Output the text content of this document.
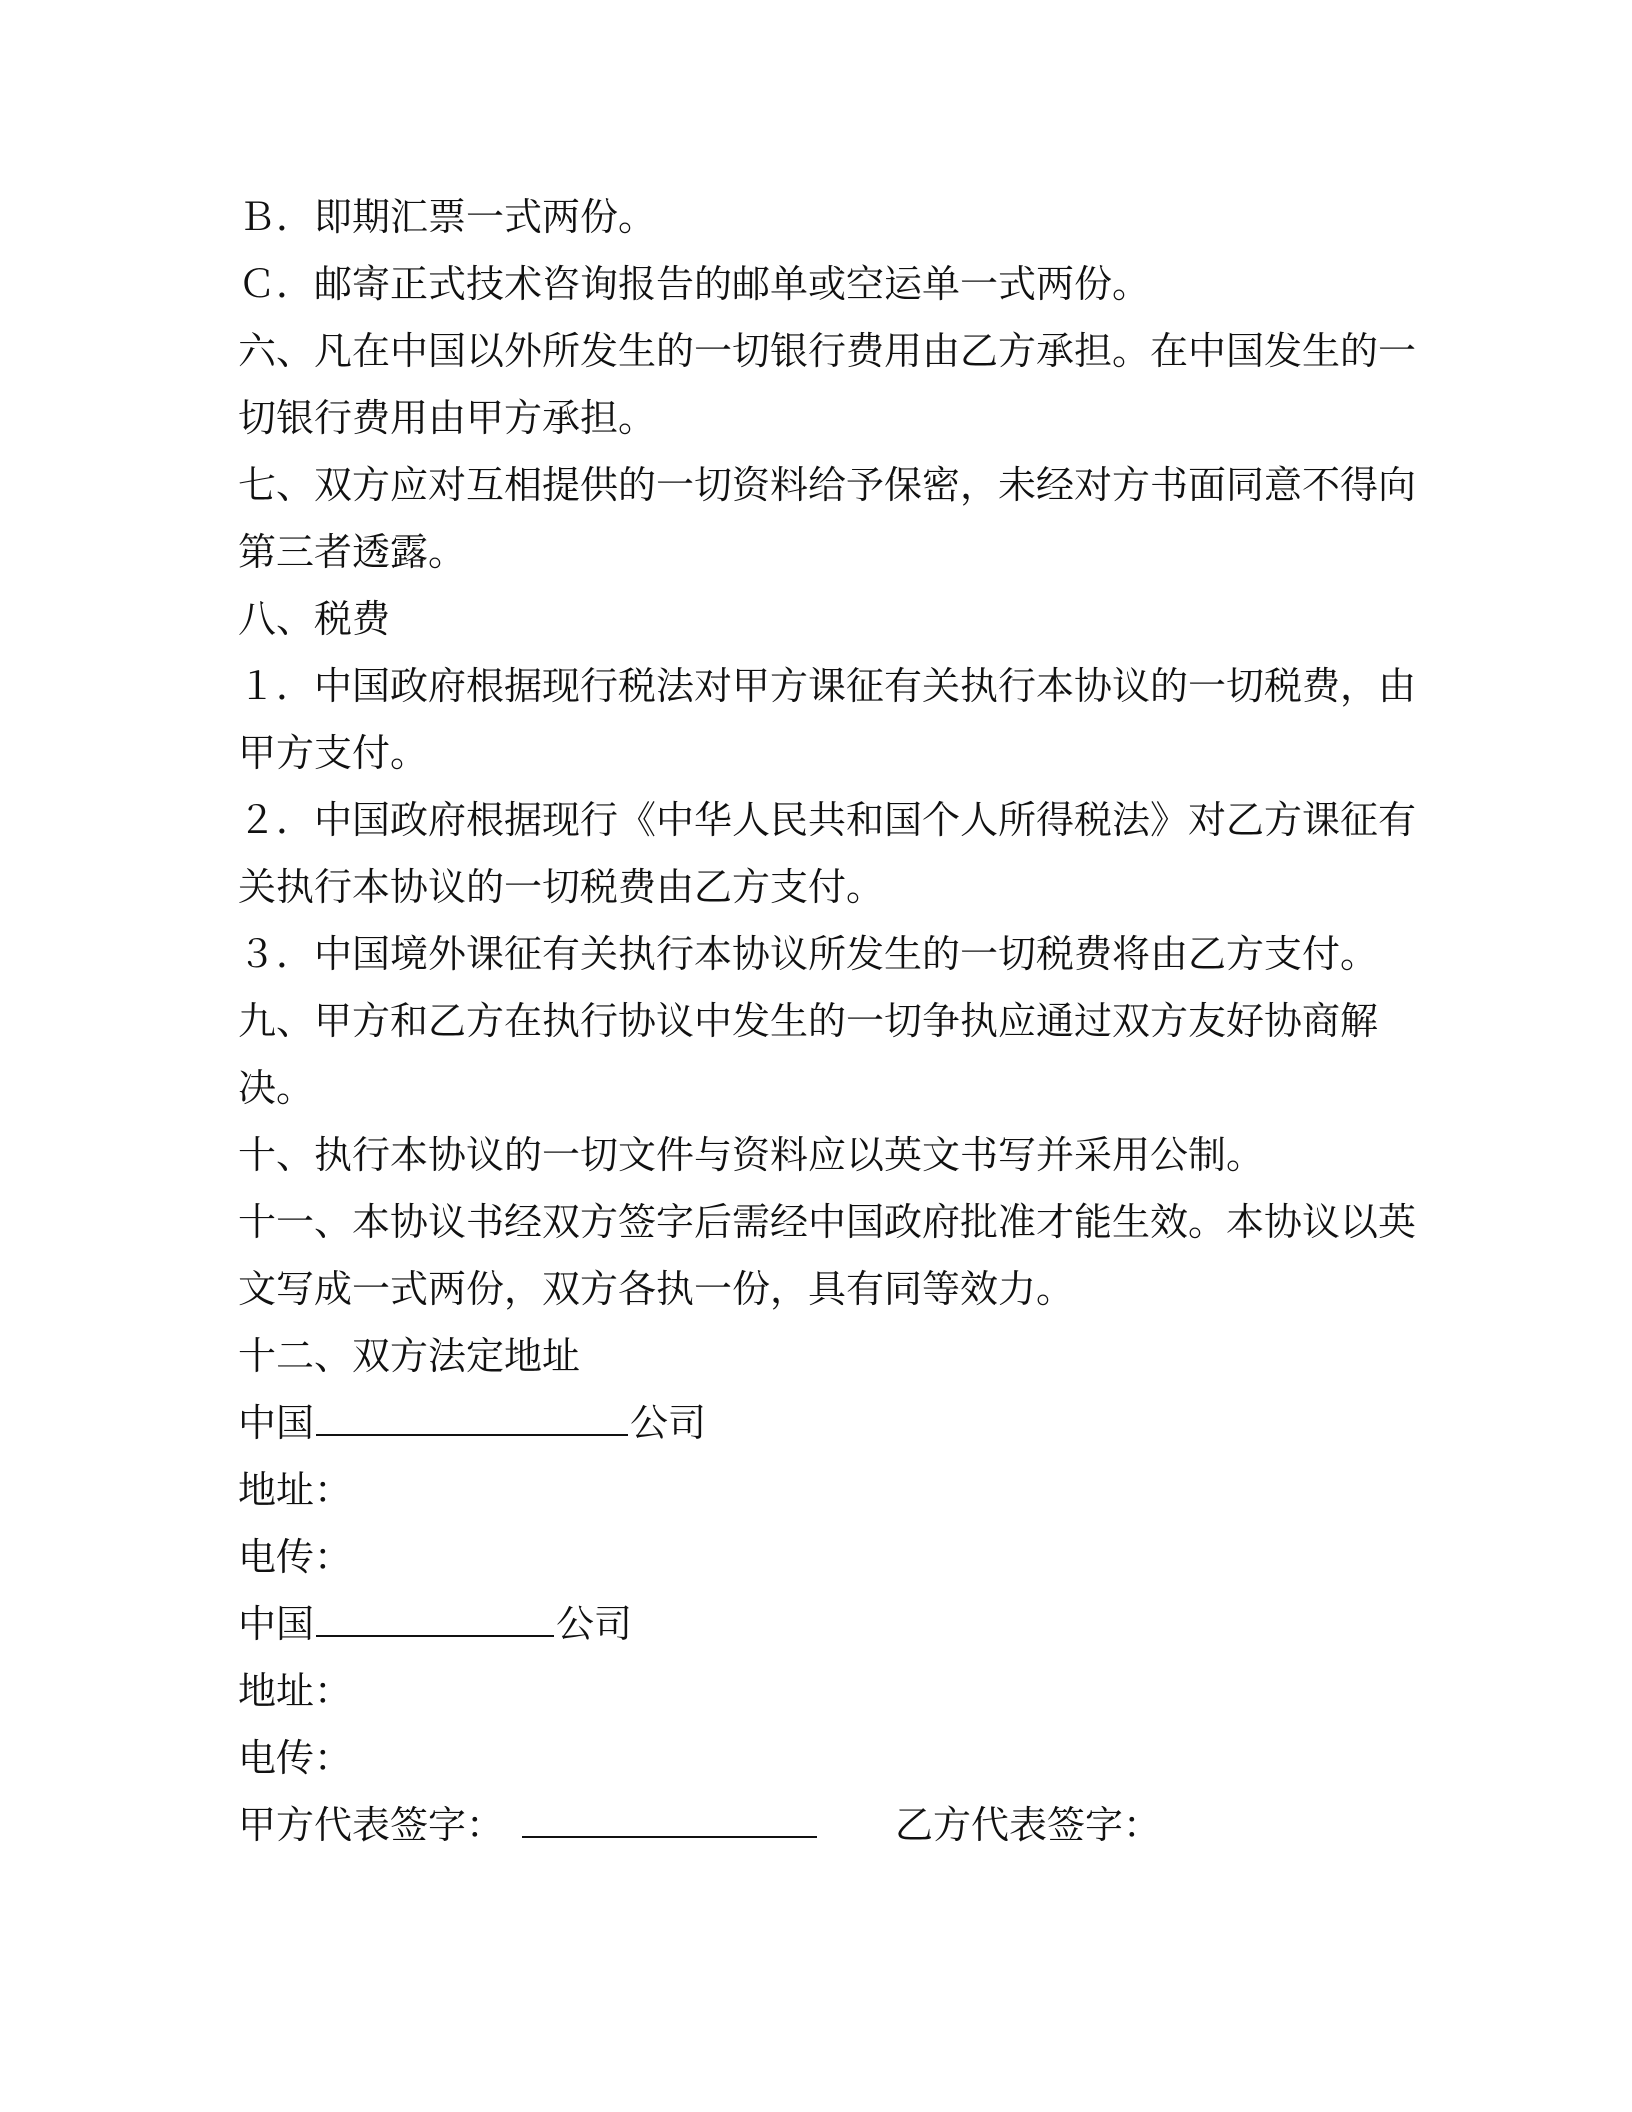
Ｂ．即期汇票一式两份。
Ｃ．邮寄正式技术咨询报告的邮单或空运单一式两份。
六、凡在中国以外所发生的一切银行费用由乙方承担。在中国发生的一
切银行费用由甲方承担。
七、双方应对互相提供的一切资料给予保密，未经对方书面同意不得向
第三者透露。
八、税费
１．中国政府根据现行税法对甲方课征有关执行本协议的一切税费，由
甲方支付。
２．中国政府根据现行《中华人民共和国个人所得税法》对乙方课征有
关执行本协议的一切税费由乙方支付。
３．中国境外课征有关执行本协议所发生的一切税费将由乙方支付。
九、甲方和乙方在执行协议中发生的一切争执应通过双方友好协商解
决。
十、执行本协议的一切文件与资料应以英文书写并采用公制。
十一、本协议书经双方签字后需经中国政府批准才能生效。本协议以英
文写成一式两份，双方各执一份，具有同等效力。
十二、双方法定地址
中国	公司
地址：
电传：
中国	公司
地址：
电传：
甲方代表签字：	乙方代表签字：
